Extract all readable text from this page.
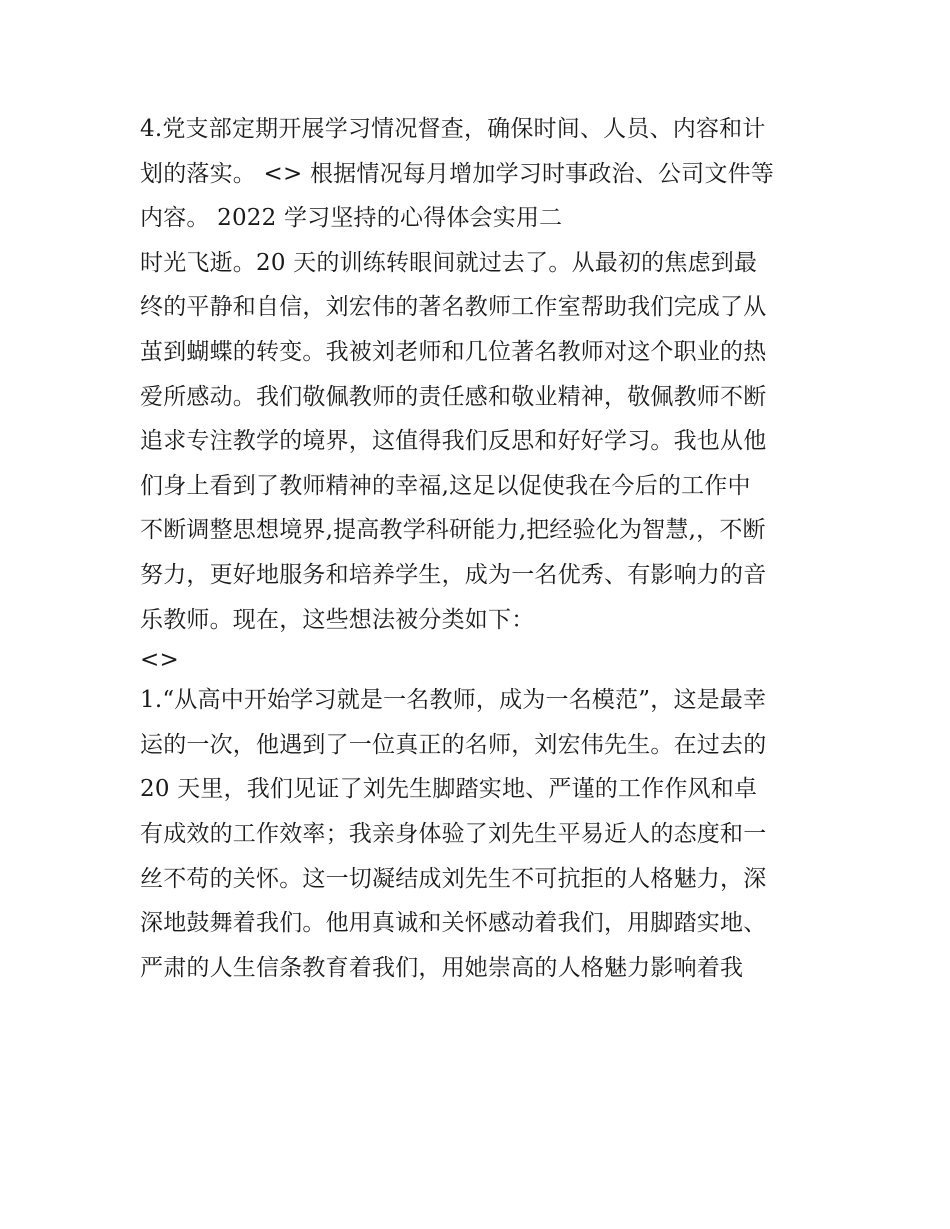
4.党支部定期开展学习情况督查，确保时间、人员、内容和计
划的落实。 <> 根据情况每月增加学习时事政治、公司文件等
内容。 2022 学习坚持的心得体会实用二

时光飞逝。20 天的训练转眼间就过去了。从最初的焦虑到最
终的平静和自信，刘宏伟的著名教师工作室帮助我们完成了从
茧到蝴蝶的转变。我被刘老师和几位著名教师对这个职业的热
爱所感动。我们敬佩教师的责任感和敬业精神，敬佩教师不断
追求专注教学的境界，这值得我们反思和好好学习。我也从他
们身上看到了教师精神的幸福,这足以促使我在今后的工作中
不断调整思想境界,提高教学科研能力,把经验化为智慧,，不断
努力，更好地服务和培养学生，成为一名优秀、有影响力的音
乐教师。现在，这些想法被分类如下：

<>

1.“从高中开始学习就是一名教师，成为一名模范”，这是最幸
运的一次，他遇到了一位真正的名师，刘宏伟先生。在过去的
20 天里，我们见证了刘先生脚踏实地、严谨的工作作风和卓
有成效的工作效率；我亲身体验了刘先生平易近人的态度和一
丝不苟的关怀。这一切凝结成刘先生不可抗拒的人格魅力，深
深地鼓舞着我们。他用真诚和关怀感动着我们，用脚踏实地、
严肃的人生信条教育着我们，用她崇高的人格魅力影响着我
